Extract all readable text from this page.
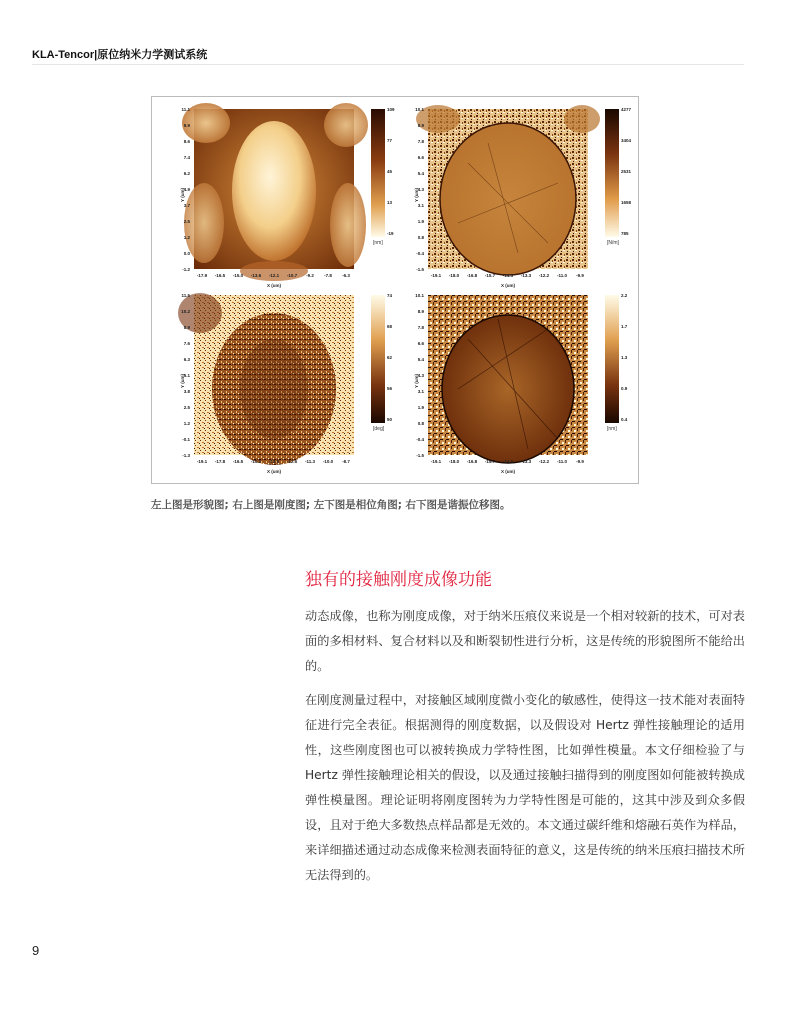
KLA-Tencor|原位纳米力学测试系统
11.1
9.9
8.6
7.4
6.2
4.9
3.7
2.5
1.2
0.0
-1.2
-17.9 -16.5 -15.0 -13.6 -12.1 -10.7 -9.2 -7.8 -6.3
109
77
45
13
-19
[nm]
X (um)
Y (um)
10.1
8.9
7.8
6.6
5.4
4.3
3.1
1.9
0.8
-0.4
-1.5
-19.1 -18.0 -16.8 -15.7 -14.5 -13.3 -12.2 -11.0 -9.9
4277
3404
2531
1658
785
[N/m]
X (um)
Y (um)
11.5
10.2
8.9
7.6
6.3
5.1
3.8
2.5
1.2
-0.1
-1.3
-19.1 -17.8 -16.5 -15.2 -13.9 -12.6 -11.3 -10.0 -8.7
74
68
62
56
50
[deg]
X (um)
Y (um)
10.1
8.9
7.8
6.6
5.4
4.3
3.1
1.9
0.8
-0.4
-1.5
-19.1 -18.0 -16.8 -15.7 -14.5 -13.3 -12.2 -11.0 -9.9
2.2
1.7
1.3
0.9
0.4
[nm]
X (um)
Y (um)
左上图是形貌图; 右上图是刚度图; 左下图是相位角图; 右下图是谐振位移图。
独有的接触刚度成像功能
动态成像，也称为刚度成像，对于纳米压痕仪来说是一个相对较新的技术，可对表面的多相材料、复合材料以及和断裂韧性进行分析，这是传统的形貌图所不能给出的。
在刚度测量过程中，对接触区域刚度微小变化的敏感性，使得这一技术能对表面特征进行完全表征。根据测得的刚度数据，以及假设对 Hertz 弹性接触理论的适用性，这些刚度图也可以被转换成力学特性图，比如弹性模量。本文仔细检验了与 Hertz 弹性接触理论相关的假设，以及通过接触扫描得到的刚度图如何能被转换成弹性模量图。理论证明将刚度图转为力学特性图是可能的，这其中涉及到众多假设，且对于绝大多数热点样品都是无效的。本文通过碳纤维和熔融石英作为样品，来详细描述通过动态成像来检测表面特征的意义，这是传统的纳米压痕扫描技术所无法得到的。
9
